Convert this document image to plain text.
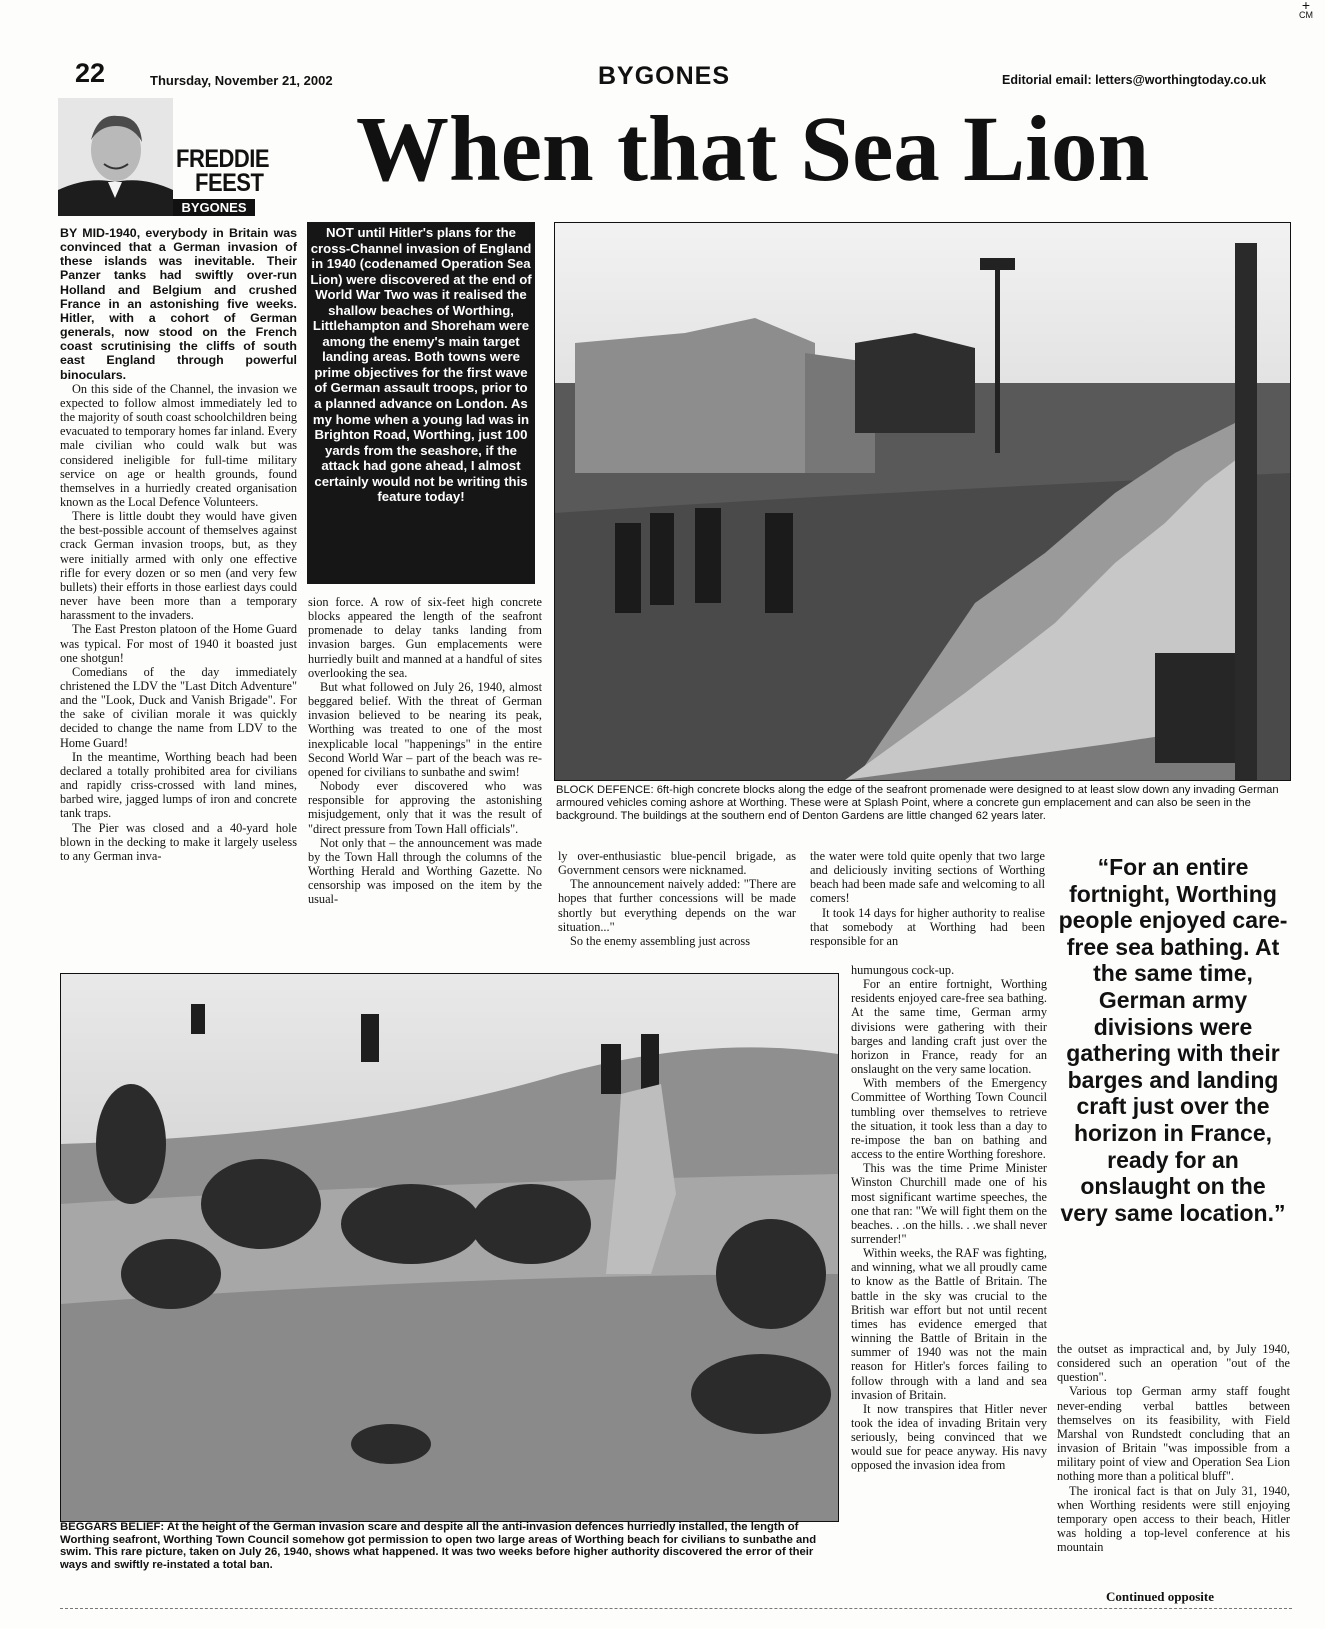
+
CM
22	Thursday, November 21, 2002	BYGONES	Editorial email: letters@worthingtoday.co.uk
FREDDIE
FEEST
BYGONES
When that Sea Lion

BY MID-1940, everybody in Britain was convinced that a German invasion of these islands was inevitable. Their Panzer tanks had swiftly over-run Holland and Belgium and crushed France in an astonishing five weeks. Hitler, with a cohort of German generals, now stood on the French coast scrutinising the cliffs of south east England through powerful binoculars.

On this side of the Channel, the invasion we expected to follow almost immediately led to the majority of south coast schoolchildren being evacuated to temporary homes far inland. Every male civilian who could walk but was considered ineligible for full-time military service on age or health grounds, found themselves in a hurriedly created organisation known as the Local Defence Volunteers.

There is little doubt they would have given the best-possible account of themselves against crack German invasion troops, but, as they were initially armed with only one effective rifle for every dozen or so men (and very few bullets) their efforts in those earliest days could never have been more than a temporary harassment to the invaders.

The East Preston platoon of the Home Guard was typical. For most of 1940 it boasted just one shotgun!

Comedians of the day immediately christened the LDV the "Last Ditch Adventure" and the "Look, Duck and Vanish Brigade". For the sake of civilian morale it was quickly decided to change the name from LDV to the Home Guard!

In the meantime, Worthing beach had been declared a totally prohibited area for civilians and rapidly criss-crossed with land mines, barbed wire, jagged lumps of iron and concrete tank traps.

The Pier was closed and a 40-yard hole blown in the decking to make it largely useless to any German inva-

NOT until Hitler's plans for the cross-Channel invasion of England in 1940 (codenamed Operation Sea Lion) were discovered at the end of World War Two was it realised the shallow beaches of Worthing, Littlehampton and Shoreham were among the enemy's main target landing areas. Both towns were prime objectives for the first wave of German assault troops, prior to a planned advance on London. As my home when a young lad was in Brighton Road, Worthing, just 100 yards from the seashore, if the attack had gone ahead, I almost certainly would not be writing this feature today!

sion force. A row of six-feet high concrete blocks appeared the length of the seafront promenade to delay tanks landing from invasion barges. Gun emplacements were hurriedly built and manned at a handful of sites overlooking the sea.

But what followed on July 26, 1940, almost beggared belief. With the threat of German invasion believed to be nearing its peak, Worthing was treated to one of the most inexplicable local "happenings" in the entire Second World War – part of the beach was re-opened for civilians to sunbathe and swim!

Nobody ever discovered who was responsible for approving the astonishing misjudgement, only that it was the result of "direct pressure from Town Hall officials".

Not only that – the announcement was made by the Town Hall through the columns of the Worthing Herald and Worthing Gazette. No censorship was imposed on the item by the usual-

BLOCK DEFENCE: 6ft-high concrete blocks along the edge of the seafront promenade were designed to at least slow down any invading German armoured vehicles coming ashore at Worthing. These were at Splash Point, where a concrete gun emplacement and can also be seen in the background. The buildings at the southern end of Denton Gardens are little changed 62 years later.

ly over-enthusiastic blue-pencil brigade, as Government censors were nicknamed.

The announcement naively added: "There are hopes that further concessions will be made shortly but everything depends on the war situation..."

So the enemy assembling just across

the water were told quite openly that two large and deliciously inviting sections of Worthing beach had been made safe and welcoming to all comers!

It took 14 days for higher authority to realise that somebody at Worthing had been responsible for an

“For an entire fortnight, Worthing people enjoyed care-free sea bathing. At the same time, German army divisions were gathering with their barges and landing craft just over the horizon in France, ready for an onslaught on the very same location.”
BEGGARS BELIEF: At the height of the German invasion scare and despite all the anti-invasion defences hurriedly installed, the length of Worthing seafront, Worthing Town Council somehow got permission to open two large areas of Worthing beach for civilians to sunbathe and swim. This rare picture, taken on July 26, 1940, shows what happened. It was two weeks before higher authority discovered the error of their ways and swiftly re-instated a total ban.

humungous cock-up.

For an entire fortnight, Worthing residents enjoyed care-free sea bathing. At the same time, German army divisions were gathering with their barges and landing craft just over the horizon in France, ready for an onslaught on the very same location.

With members of the Emergency Committee of Worthing Town Council tumbling over themselves to retrieve the situation, it took less than a day to re-impose the ban on bathing and access to the entire Worthing foreshore.

This was the time Prime Minister Winston Churchill made one of his most significant wartime speeches, the one that ran: "We will fight them on the beaches. . .on the hills. . .we shall never surrender!"

Within weeks, the RAF was fighting, and winning, what we all proudly came to know as the Battle of Britain. The battle in the sky was crucial to the British war effort but not until recent times has evidence emerged that winning the Battle of Britain in the summer of 1940 was not the main reason for Hitler's forces failing to follow through with a land and sea invasion of Britain.

It now transpires that Hitler never took the idea of invading Britain very seriously, being convinced that we would sue for peace anyway. His navy opposed the invasion idea from

the outset as impractical and, by July 1940, considered such an operation "out of the question".

Various top German army staff fought never-ending verbal battles between themselves on its feasibility, with Field Marshal von Rundstedt concluding that an invasion of Britain "was impossible from a military point of view and Operation Sea Lion nothing more than a political bluff".

The ironical fact is that on July 31, 1940, when Worthing residents were still enjoying temporary open access to their beach, Hitler was holding a top-level conference at his mountain

Continued opposite
